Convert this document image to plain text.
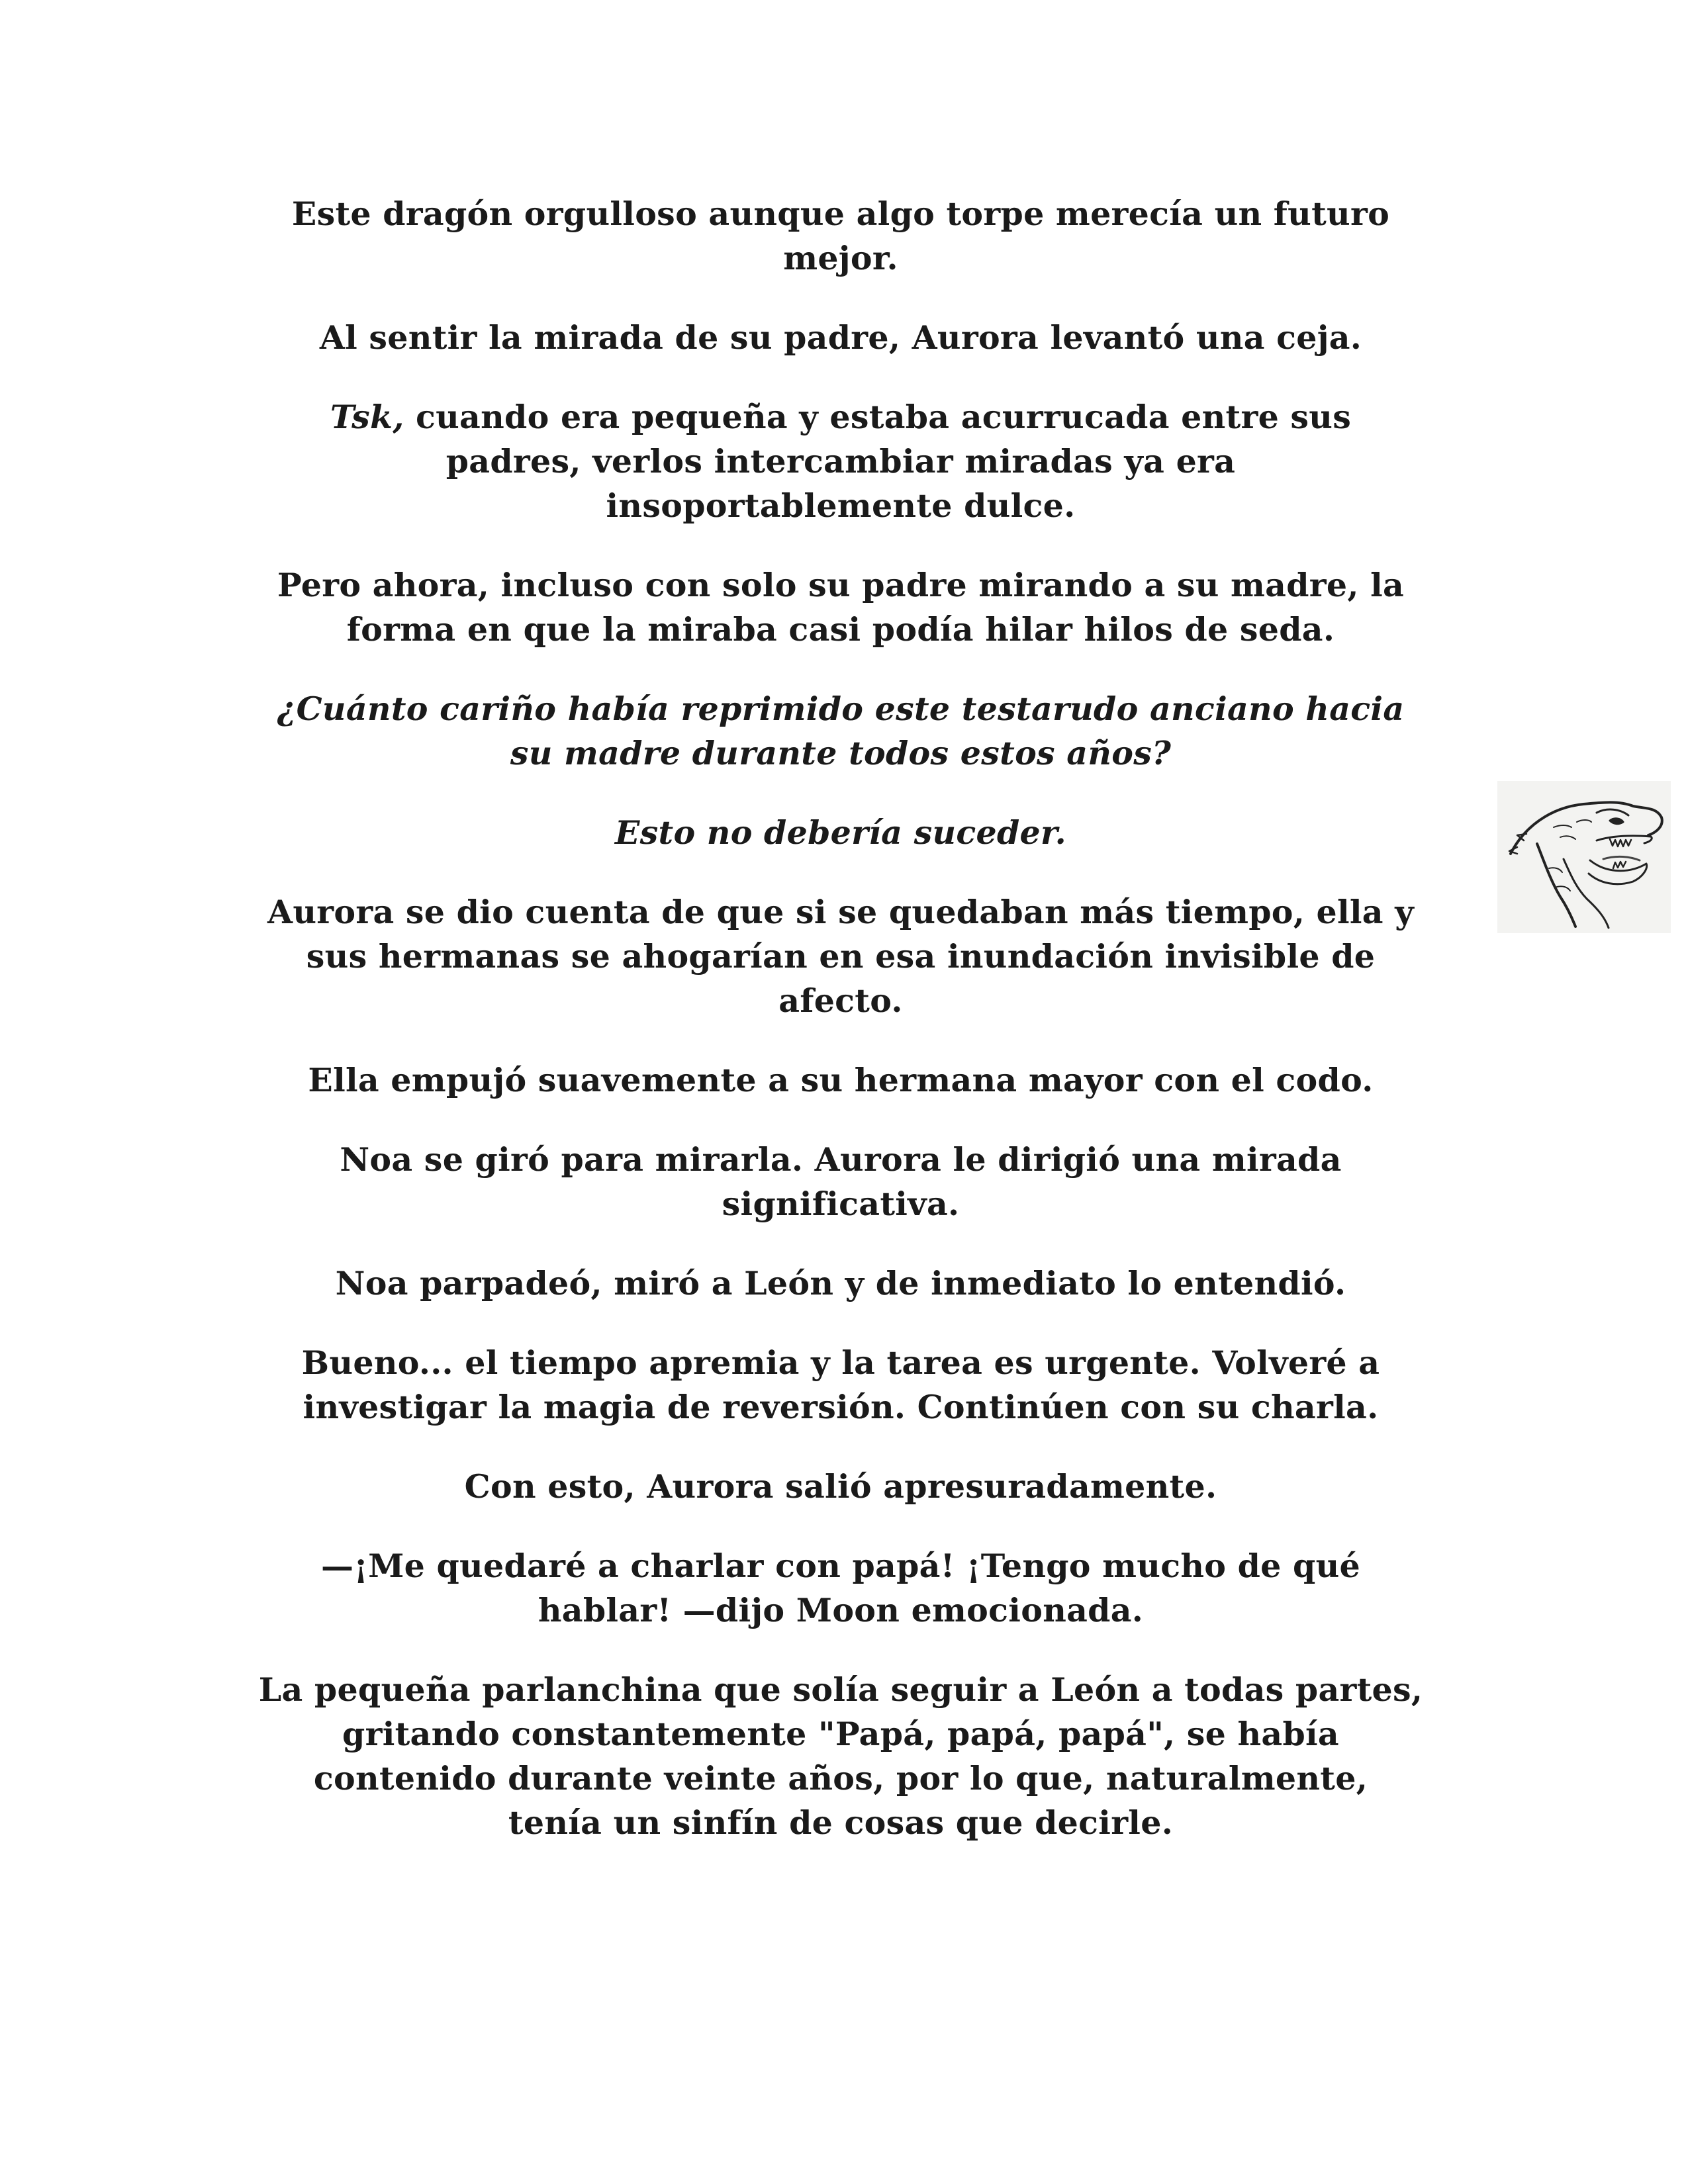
Este dragón orgulloso aunque algo torpe merecía un futuro
mejor.

Al sentir la mirada de su padre, Aurora levantó una ceja.

Tsk, cuando era pequeña y estaba acurrucada entre sus
padres, verlos intercambiar miradas ya era
insoportablemente dulce.

Pero ahora, incluso con solo su padre mirando a su madre, la
forma en que la miraba casi podía hilar hilos de seda.

¿Cuánto cariño había reprimido este testarudo anciano hacia
su madre durante todos estos años?

Esto no debería suceder.

Aurora se dio cuenta de que si se quedaban más tiempo, ella y
sus hermanas se ahogarían en esa inundación invisible de
afecto.

Ella empujó suavemente a su hermana mayor con el codo.

Noa se giró para mirarla. Aurora le dirigió una mirada
significativa.

Noa parpadeó, miró a León y de inmediato lo entendió.

Bueno... el tiempo apremia y la tarea es urgente. Volveré a
investigar la magia de reversión. Continúen con su charla.

Con esto, Aurora salió apresuradamente.

—¡Me quedaré a charlar con papá! ¡Tengo mucho de qué
hablar! —dijo Moon emocionada.

La pequeña parlanchina que solía seguir a León a todas partes,
gritando constantemente "Papá, papá, papá", se había
contenido durante veinte años, por lo que, naturalmente,
tenía un sinfín de cosas que decirle.
